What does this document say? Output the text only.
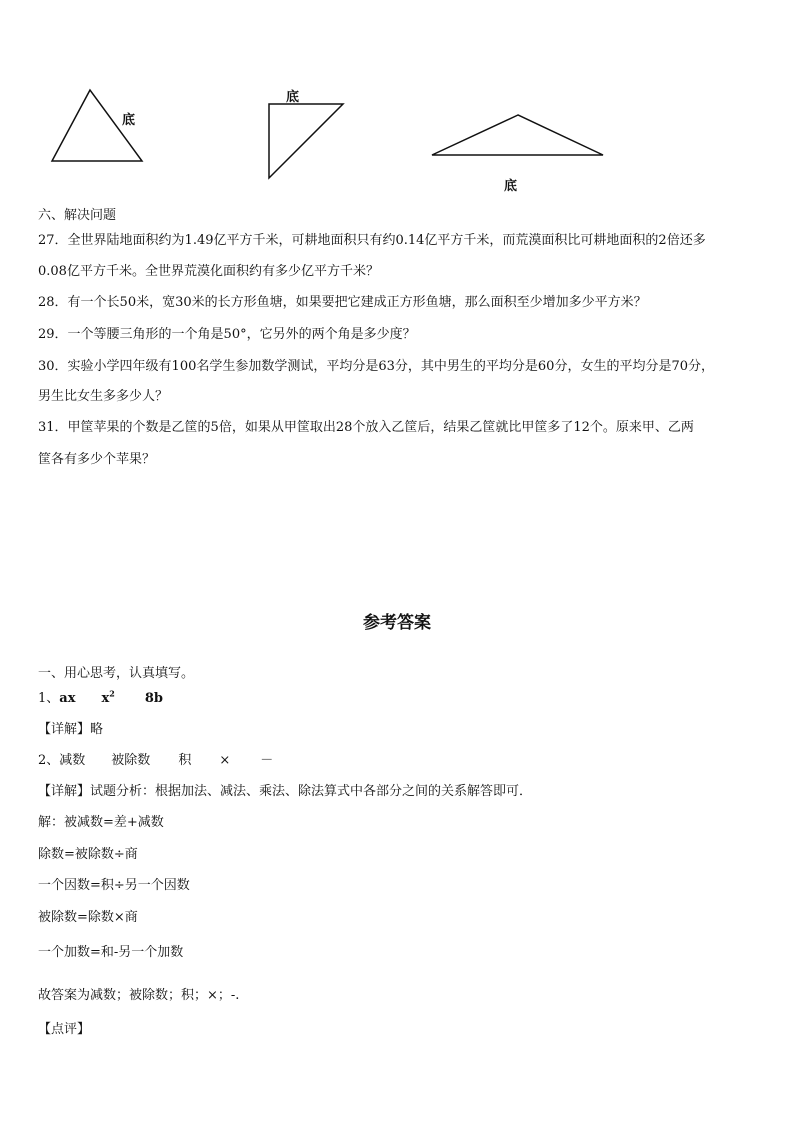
底
底
底
六、解决问题
27．全世界陆地面积约为1.49亿平方千米，可耕地面积只有约0.14亿平方千米，而荒漠面积比可耕地面积的2倍还多
0.08亿平方千米。全世界荒漠化面积约有多少亿平方千米？
28．有一个长50米，宽30米的长方形鱼塘，如果要把它建成正方形鱼塘，那么面积至少增加多少平方米？
29．一个等腰三角形的一个角是50°，它另外的两个角是多少度？
30．实验小学四年级有100名学生参加数学测试，平均分是63分，其中男生的平均分是60分，女生的平均分是70分，
男生比女生多多少人？
31．甲筐苹果的个数是乙筐的5倍，如果从甲筐取出28个放入乙筐后，结果乙筐就比甲筐多了12个。原来甲、乙两
筐各有多少个苹果？
参考答案
一、用心思考，认真填写。
1、ax $x^2$ 8b
【详解】略
2、减数 被除数 积 × －
【详解】试题分析：根据加法、减法、乘法、除法算式中各部分之间的关系解答即可．
解：被减数=差+减数
除数=被除数÷商
一个因数=积÷另一个因数
被除数=除数×商
一个加数=和-另一个加数
故答案为减数；被除数；积；×；-.
【点评】
